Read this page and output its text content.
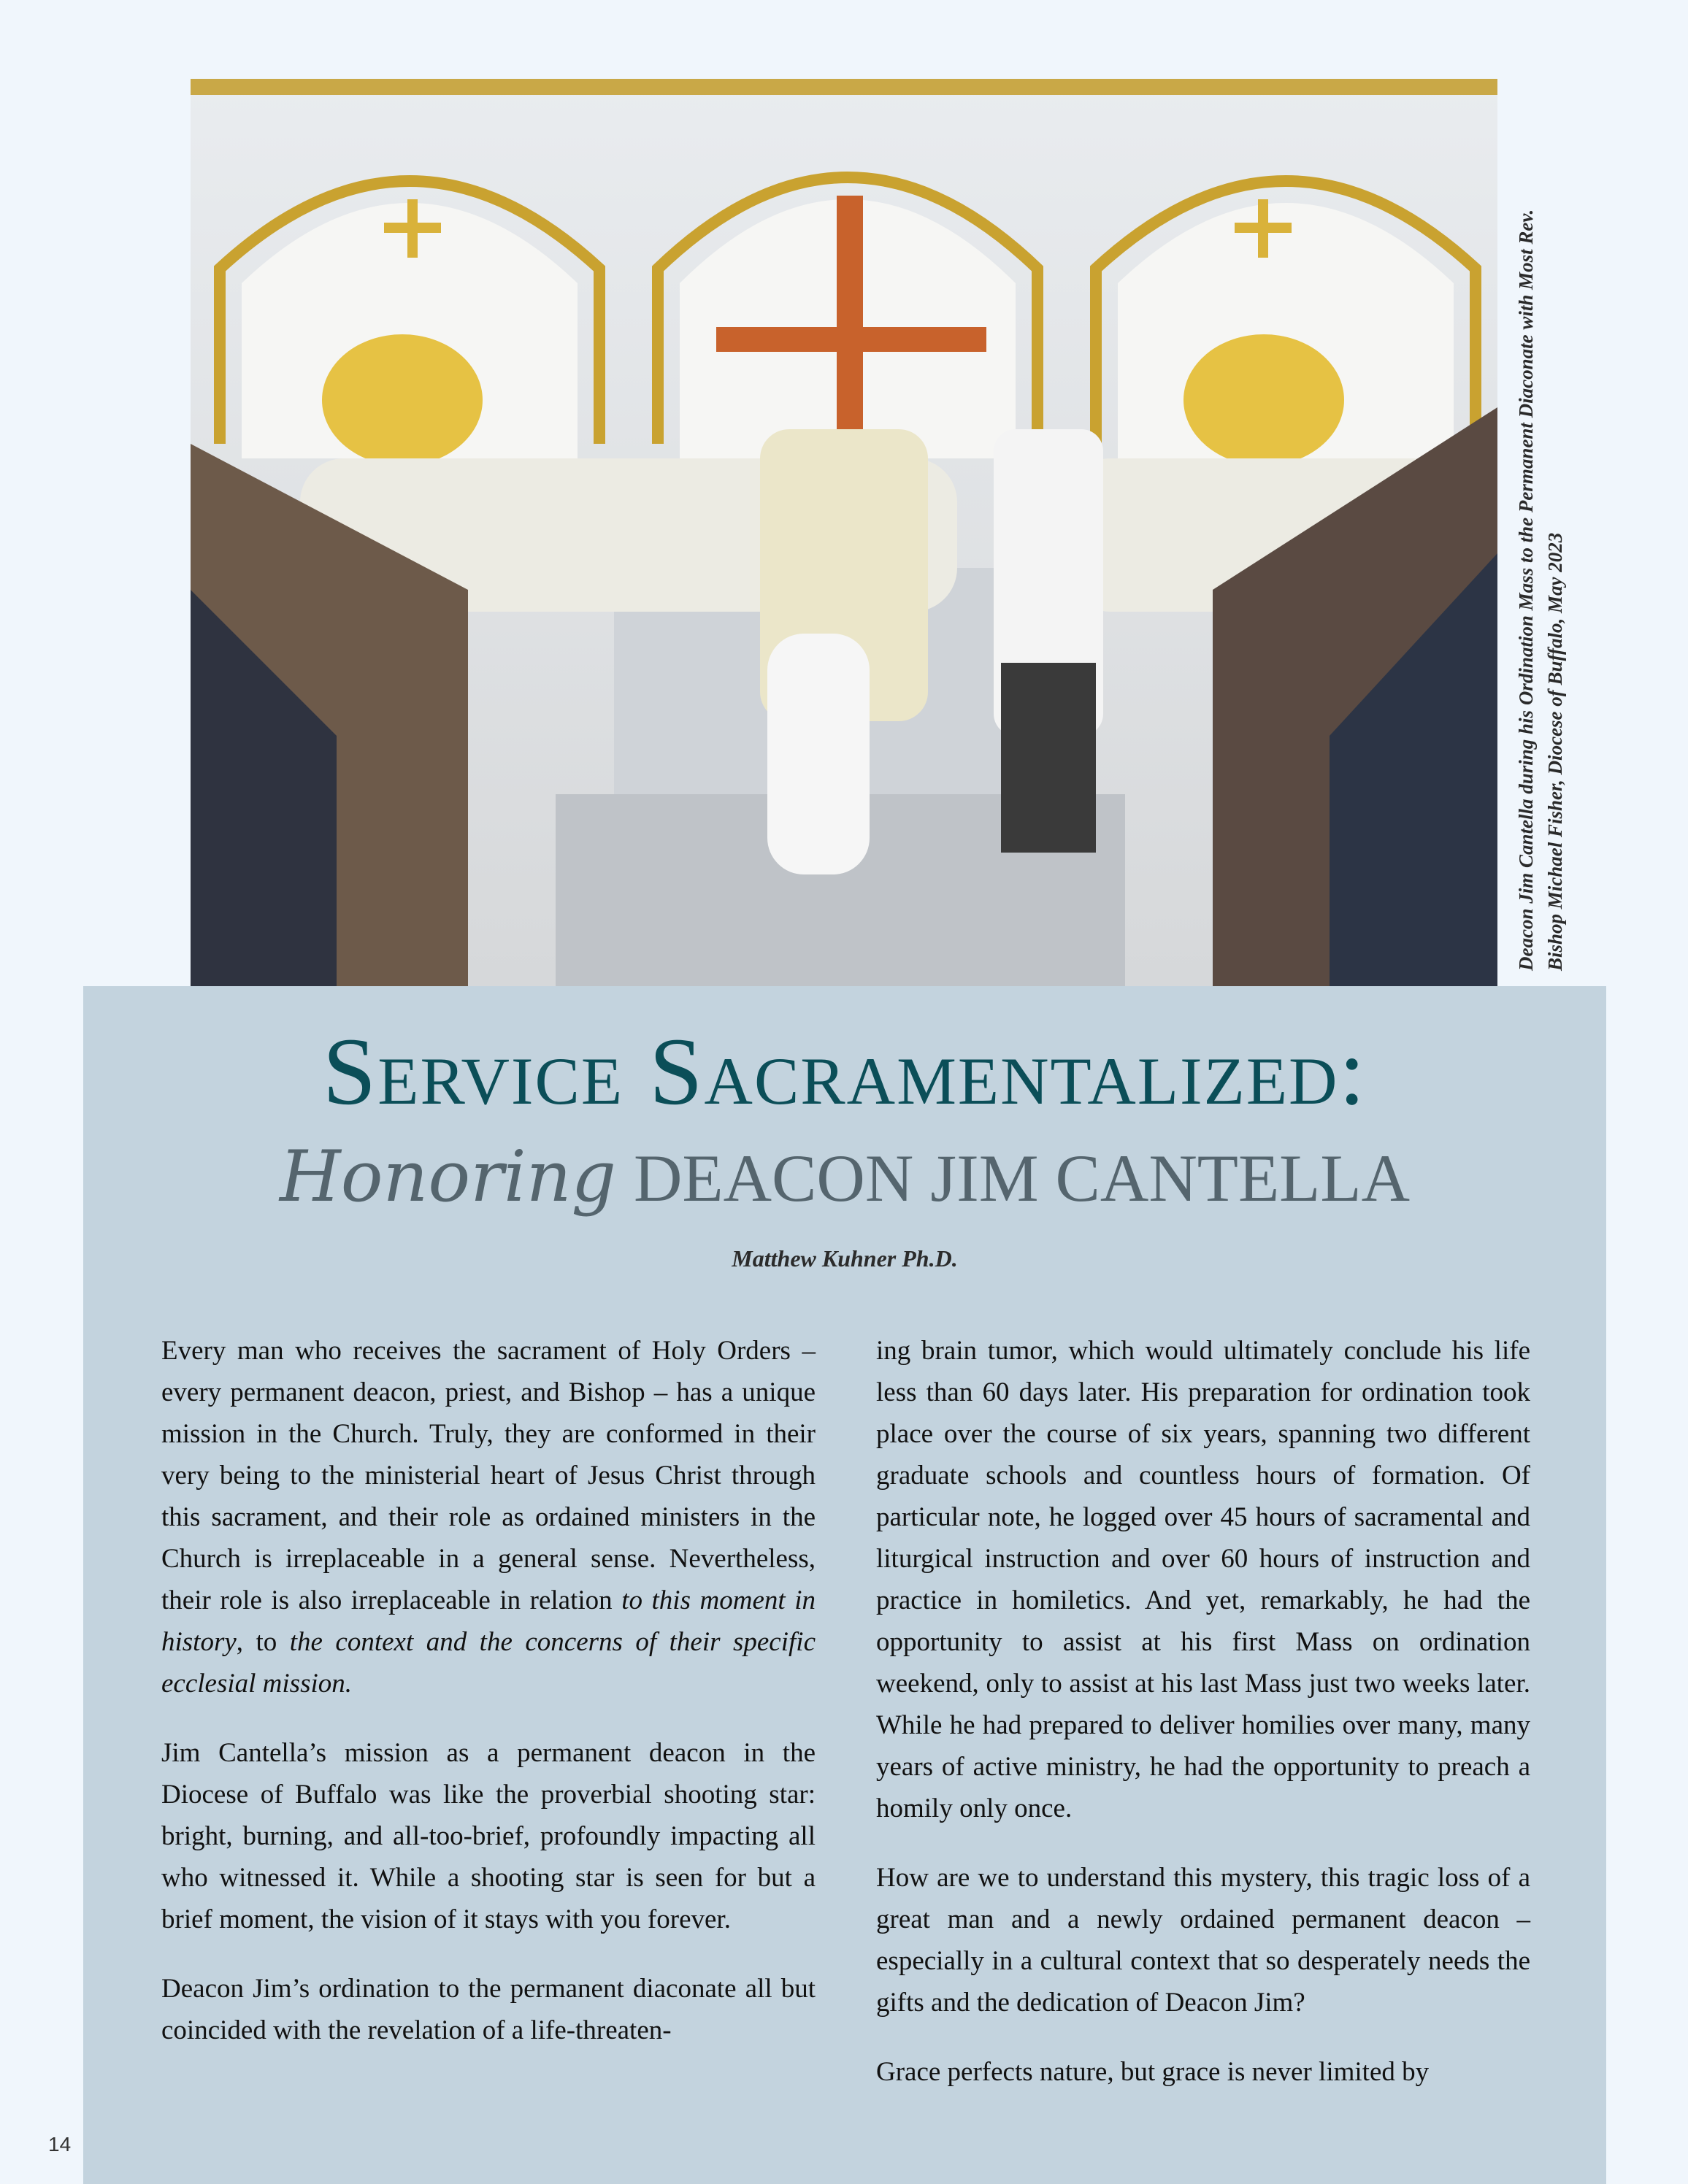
Deacon Jim Cantella during his Ordination Mass to the Permanent Diaconate with Most Rev. Bishop Michael Fisher, Diocese of Buffalo, May 2023
Service Sacramentalized:
Honoring DEACON JIM CANTELLA
Matthew Kuhner Ph.D.

Every man who receives the sacrament of Holy Orders – every permanent deacon, priest, and Bishop – has a unique mission in the Church. Truly, they are conformed in their very being to the ministerial heart of Jesus Christ through this sacrament, and their role as ordained ministers in the Church is irreplaceable in a general sense. Nevertheless, their role is also irreplaceable in relation to this moment in history, to the context and the concerns of their specific ecclesial mission.

Jim Cantella’s mission as a permanent deacon in the Diocese of Buffalo was like the proverbial shooting star: bright, burning, and all-too-brief, profoundly impacting all who witnessed it. While a shooting star is seen for but a brief moment, the vision of it stays with you forever.

Deacon Jim’s ordination to the permanent diaconate all but coincided with the revelation of a life-threaten-

ing brain tumor, which would ultimately conclude his life less than 60 days later. His preparation for ordination took place over the course of six years, spanning two different graduate schools and countless hours of formation. Of particular note, he logged over 45 hours of sacramental and liturgical instruction and over 60 hours of instruction and practice in homiletics. And yet, remarkably, he had the opportunity to assist at his first Mass on ordination weekend, only to assist at his last Mass just two weeks later. While he had prepared to deliver homilies over many, many years of active ministry, he had the opportunity to preach a homily only once.

How are we to understand this mystery, this tragic loss of a great man and a newly ordained permanent deacon – especially in a cultural context that so desperately needs the gifts and the dedication of Deacon Jim?

Grace perfects nature, but grace is never limited by

14
